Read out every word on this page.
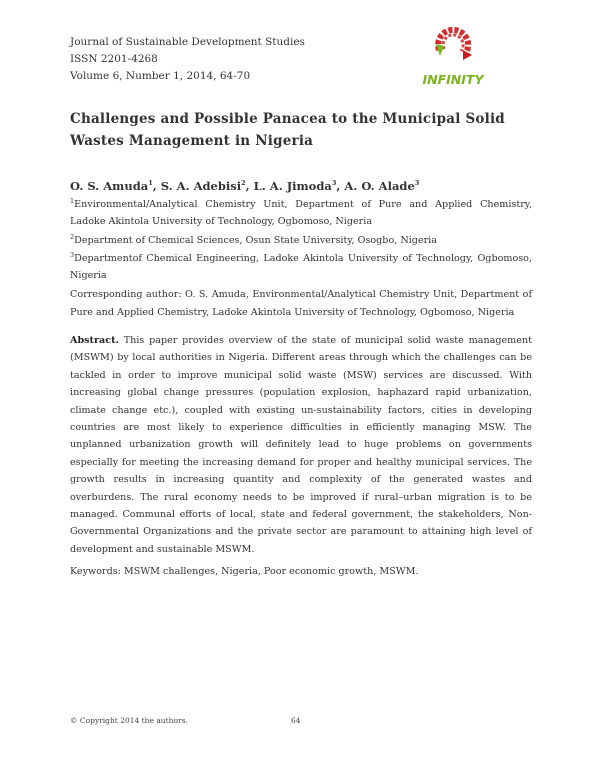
Journal of Sustainable Development Studies
ISSN 2201-4268
Volume 6, Number 1, 2014, 64-70	INFINITY
Challenges and Possible Panacea to the Municipal Solid Wastes Management in Nigeria
O. S. Amuda$^1$, S. A. Adebisi$^2$, L. A. Jimoda$^3$, A. O. Alade$^3$
$^1$Environmental/Analytical Chemistry Unit, Department of Pure and Applied Chemistry, Ladoke Akintola University of Technology, Ogbomoso, Nigeria
$^2$Department of Chemical Sciences, Osun State University, Osogbo, Nigeria
$^3$Departmentof Chemical Engineering, Ladoke Akintola University of Technology, Ogbomoso, Nigeria
Corresponding author: O. S. Amuda, Environmental/Analytical Chemistry Unit, Department of Pure and Applied Chemistry, Ladoke Akintola University of Technology, Ogbomoso, Nigeria
Abstract. This paper provides overview of the state of municipal solid waste management (MSWM) by local authorities in Nigeria. Different areas through which the challenges can be tackled in order to improve municipal solid waste (MSW) services are discussed. With increasing global change pressures (population explosion, haphazard rapid urbanization, climate change etc.), coupled with existing un-sustainability factors, cities in developing countries are most likely to experience difficulties in efficiently managing MSW. The unplanned urbanization growth will definitely lead to huge problems on governments especially for meeting the increasing demand for proper and healthy municipal services. The growth results in increasing quantity and complexity of the generated wastes and overburdens. The rural economy needs to be improved if rural–urban migration is to be managed. Communal efforts of local, state and federal government, the stakeholders, Non-Governmental Organizations and the private sector are paramount to attaining high level of development and sustainable MSWM.
Keywords: MSWM challenges, Nigeria, Poor economic growth, MSWM.
© Copyright 2014 the authors.	64
